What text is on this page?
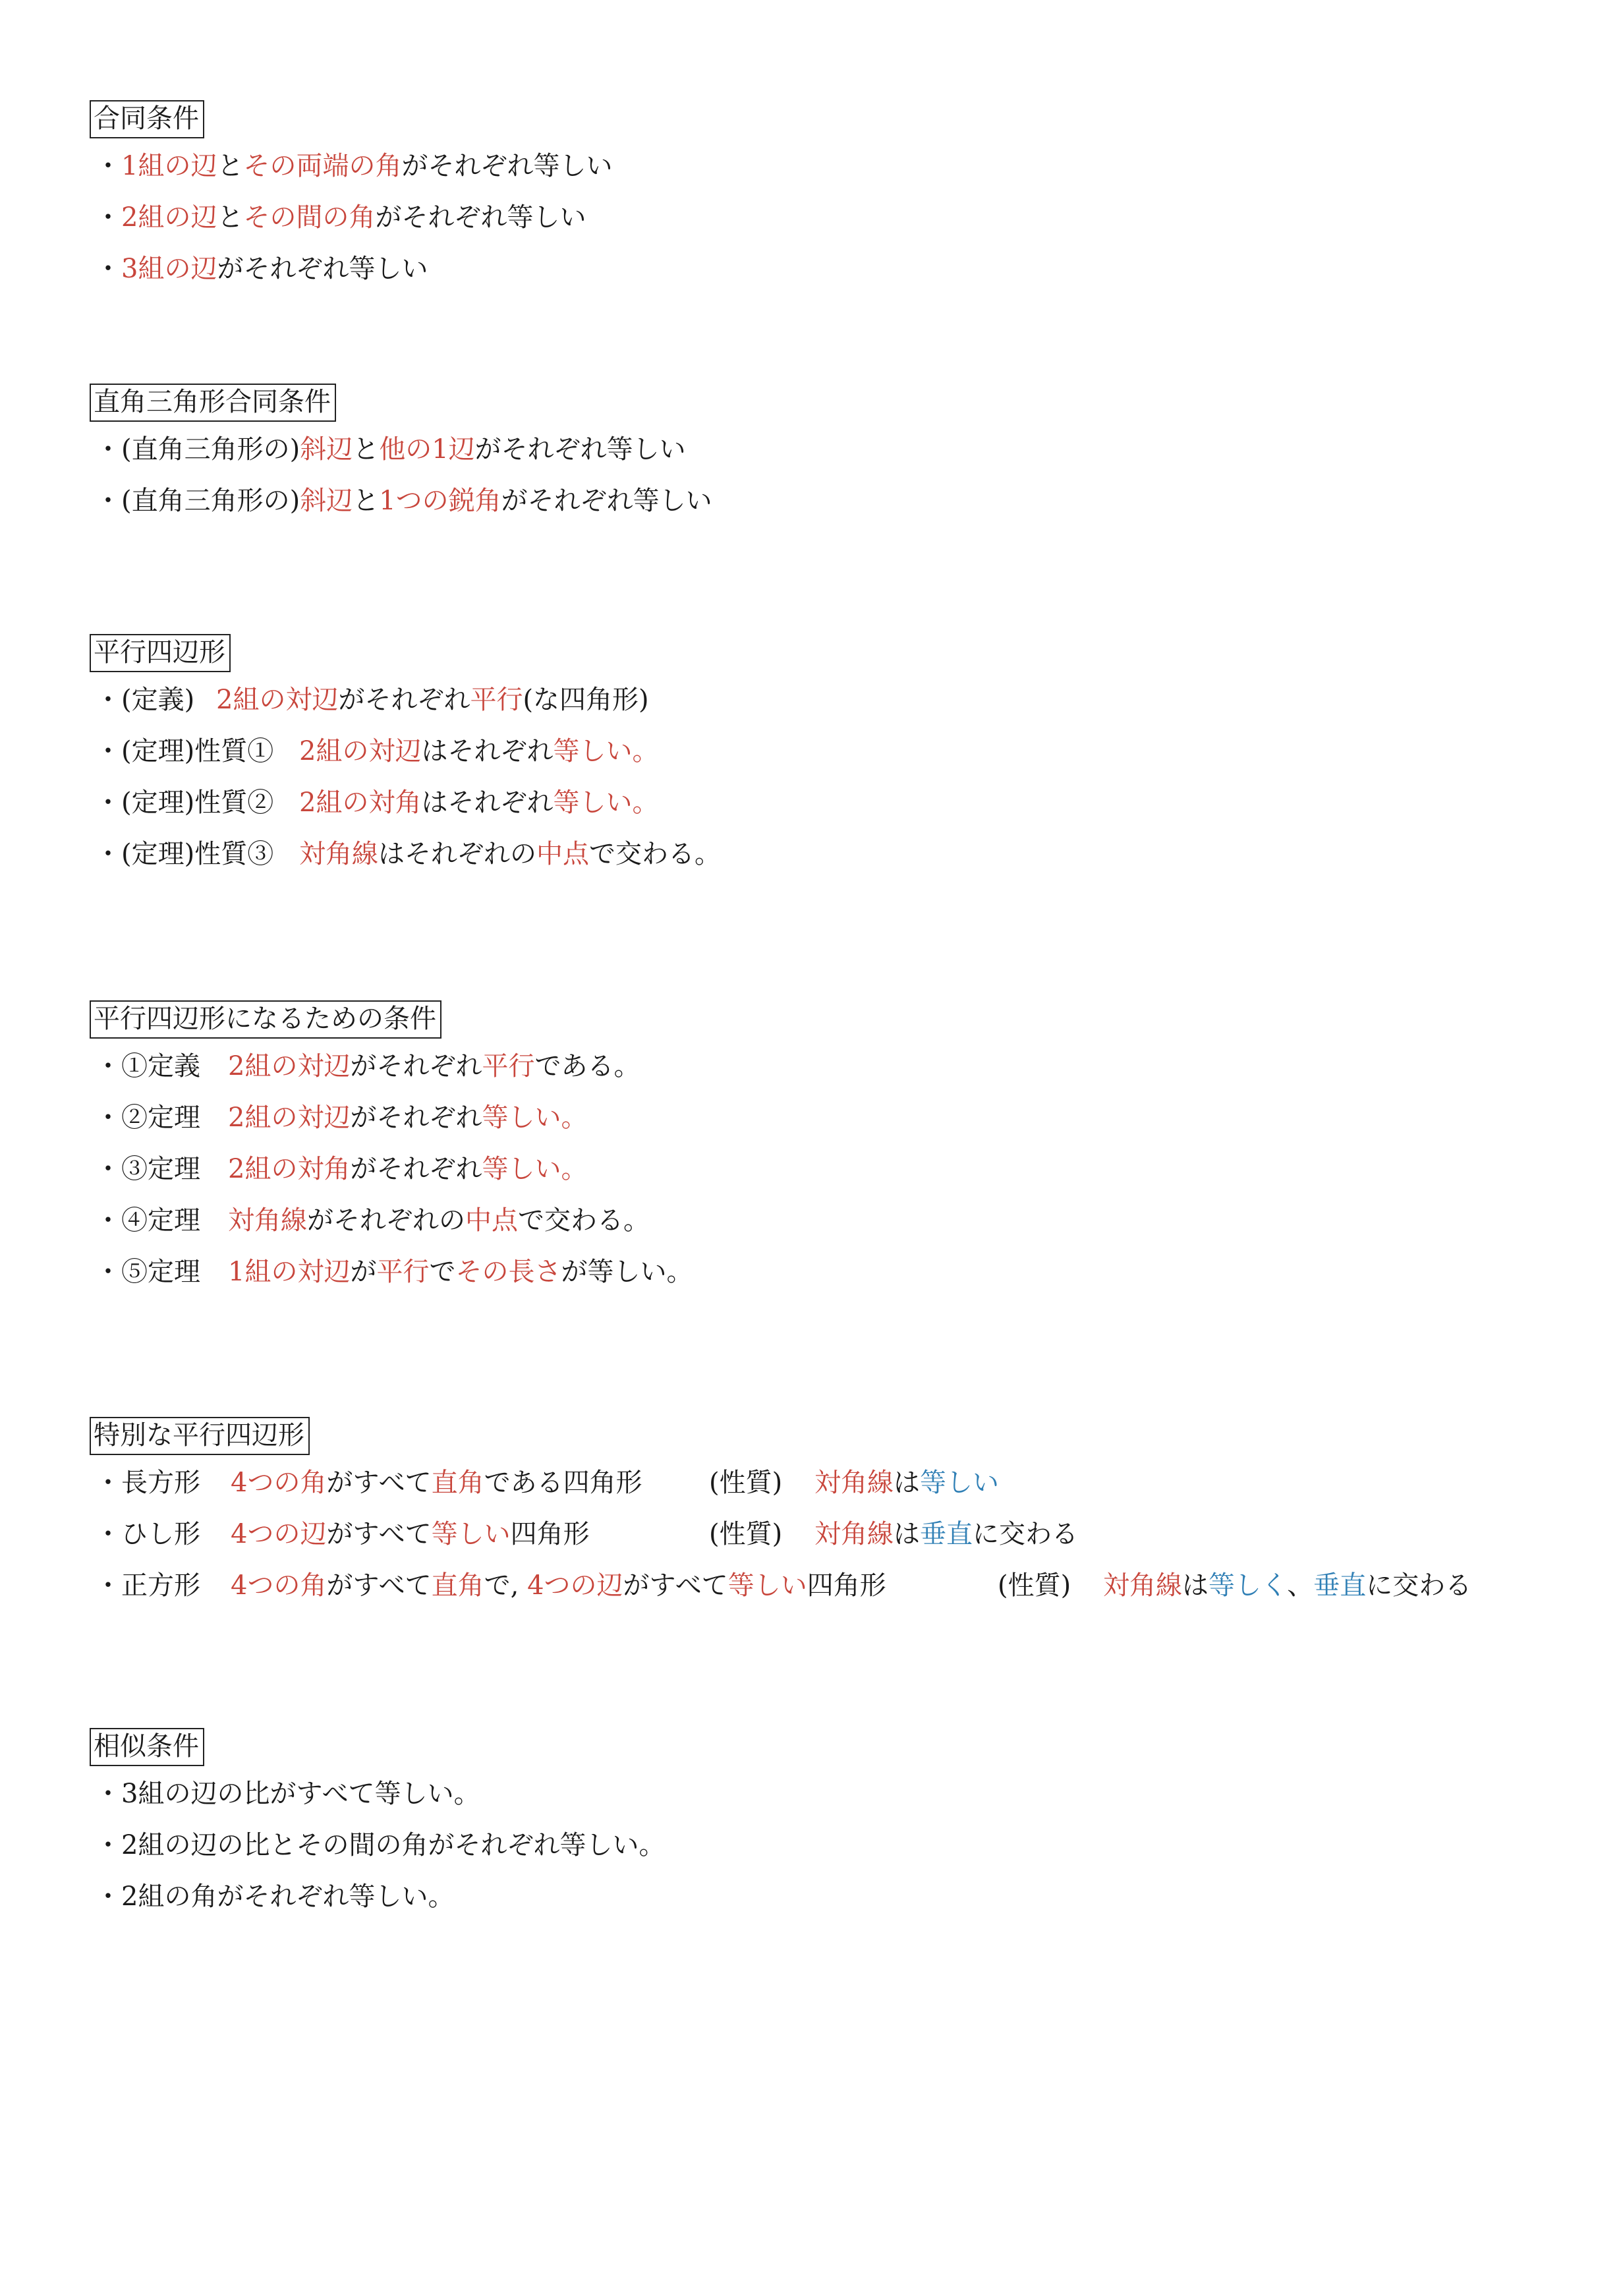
合同条件
・1組の辺とその両端の角がそれぞれ等しい
・2組の辺とその間の角がそれぞれ等しい
・3組の辺がそれぞれ等しい
直角三角形合同条件
・(直角三角形の)斜辺と他の1辺がそれぞれ等しい
・(直角三角形の)斜辺と1つの鋭角がそれぞれ等しい
平行四辺形
・(定義) 2組の対辺がそれぞれ平行(な四角形)
・(定理)性質① 2組の対辺はそれぞれ等しい。
・(定理)性質② 2組の対角はそれぞれ等しい。
・(定理)性質③ 対角線はそれぞれの中点で交わる。
平行四辺形になるための条件
・①定義 2組の対辺がそれぞれ平行である。
・②定理 2組の対辺がそれぞれ等しい。
・③定理 2組の対角がそれぞれ等しい。
・④定理 対角線がそれぞれの中点で交わる。
・⑤定理 1組の対辺が平行でその長さが等しい。
特別な平行四辺形
・長方形 4つの角がすべて直角である四角形	(性質) 対角線は等しい
・ひし形 4つの辺がすべて等しい四角形	(性質) 対角線は垂直に交わる
・正方形 4つの角がすべて直角で, 4つの辺がすべて等しい四角形	(性質) 対角線は等しく、垂直に交わる
相似条件
・3組の辺の比がすべて等しい。
・2組の辺の比とその間の角がそれぞれ等しい。
・2組の角がそれぞれ等しい。
